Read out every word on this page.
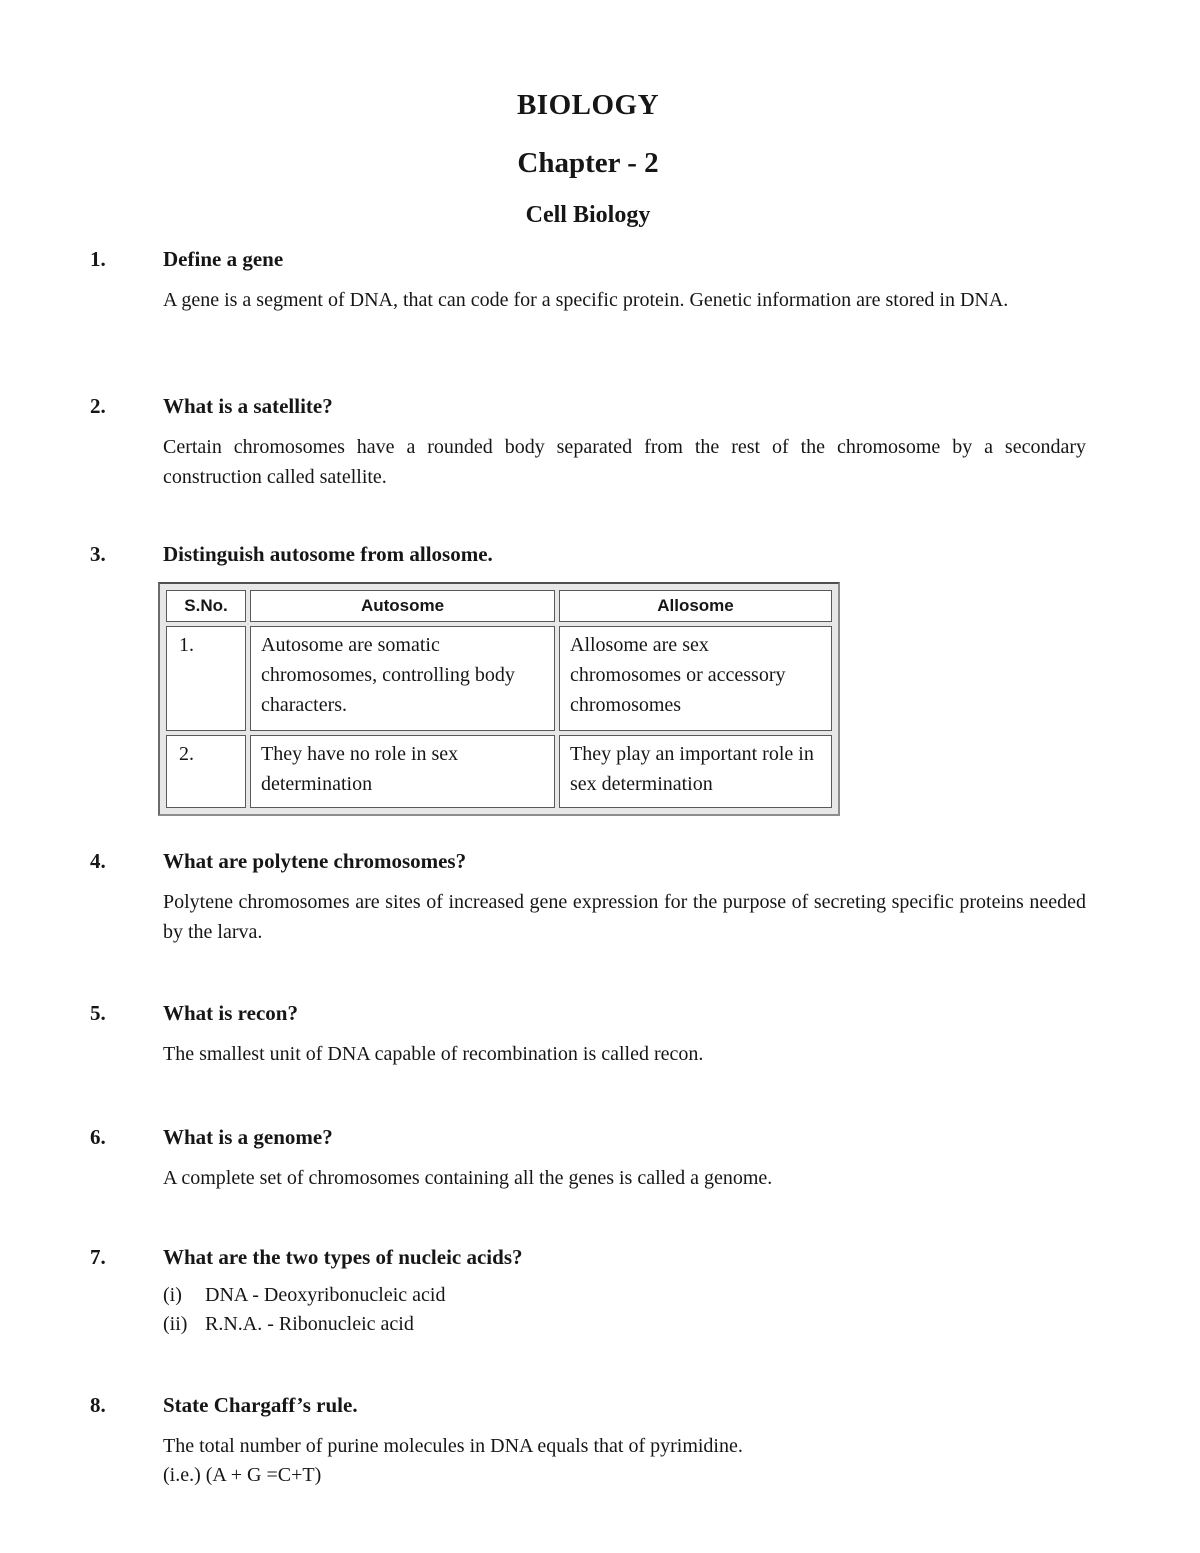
BIOLOGY
Chapter - 2
Cell Biology
1.	Define a gene
A gene is a segment of DNA, that can code for a specific protein. Genetic information are stored in DNA.
2.	What is a satellite?
Certain chromosomes have a rounded body separated from the rest of the chromosome by a secondary construction called satellite.
3.	Distinguish autosome from allosome.
S.No.	Autosome	Allosome
1.	Autosome are somatic chromosomes, controlling body characters.	Allosome are sex chromosomes or accessory chromosomes
2.	They have no role in sex determination	They play an important role in sex determination
4.	What are polytene chromosomes?
Polytene chromosomes are sites of increased gene expression for the purpose of secreting specific proteins needed by the larva.
5.	What is recon?
The smallest unit of DNA capable of recombination is called recon.
6.	What is a genome?
A complete set of chromosomes containing all the genes is called a genome.
7.	What are the two types of nucleic acids?
(i)	DNA - Deoxyribonucleic acid
(ii) R.N.A. - Ribonucleic acid
8.	State Chargaff’s rule.
The total number of purine molecules in DNA equals that of pyrimidine.
(i.e.) (A + G =C+T)
